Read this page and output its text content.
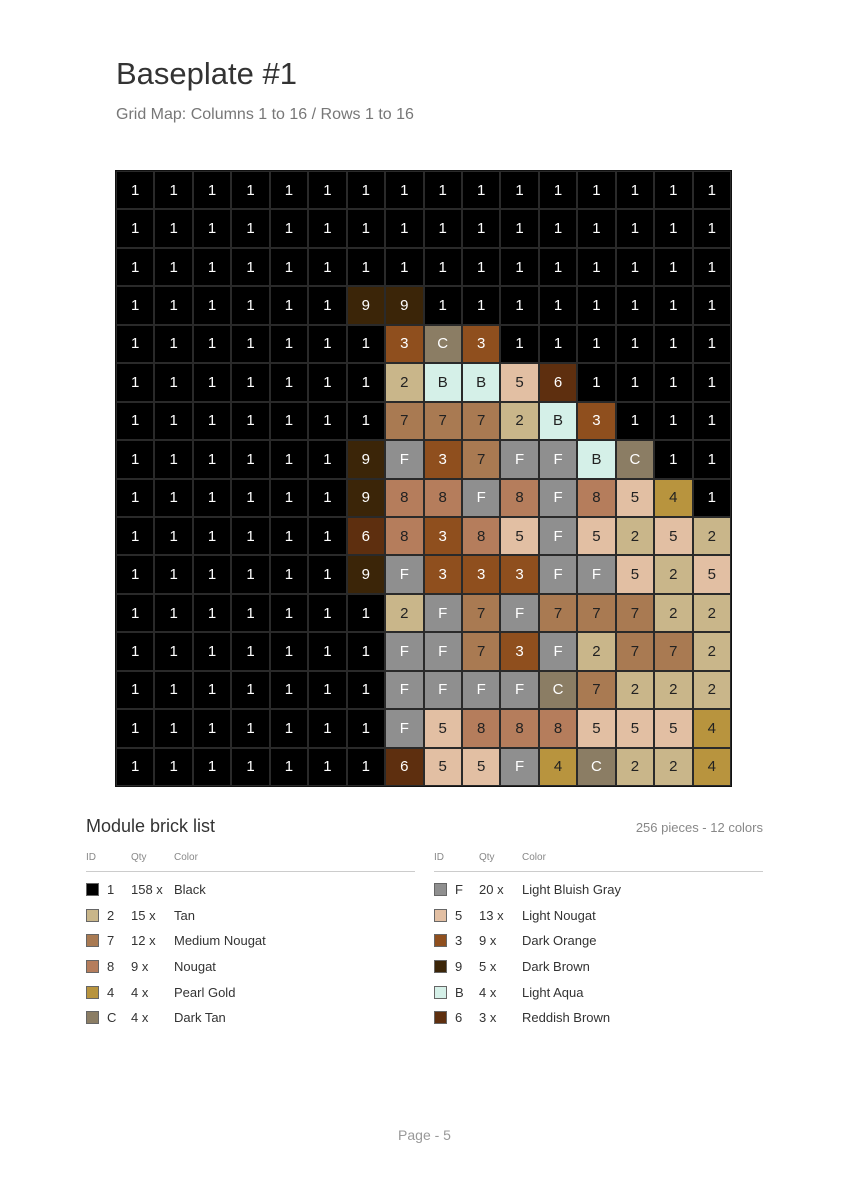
Baseplate #1
Grid Map: Columns 1 to 16 / Rows 1 to 16
1	1	1	1	1	1	1	1	1	1	1	1	1	1	1	1
1	1	1	1	1	1	1	1	1	1	1	1	1	1	1	1
1	1	1	1	1	1	1	1	1	1	1	1	1	1	1	1
1	1	1	1	1	1	9	9	1	1	1	1	1	1	1	1
1	1	1	1	1	1	1	3	C	3	1	1	1	1	1	1
1	1	1	1	1	1	1	2	B	B	5	6	1	1	1	1
1	1	1	1	1	1	1	7	7	7	2	B	3	1	1	1
1	1	1	1	1	1	9	F	3	7	F	F	B	C	1	1
1	1	1	1	1	1	9	8	8	F	8	F	8	5	4	1
1	1	1	1	1	1	6	8	3	8	5	F	5	2	5	2
1	1	1	1	1	1	9	F	3	3	3	F	F	5	2	5
1	1	1	1	1	1	1	2	F	7	F	7	7	7	2	2
1	1	1	1	1	1	1	F	F	7	3	F	2	7	7	2
1	1	1	1	1	1	1	F	F	F	F	C	7	2	2	2
1	1	1	1	1	1	1	F	5	8	8	8	5	5	5	4
1	1	1	1	1	1	1	6	5	5	F	4	C	2	2	4
Module brick list	256 pieces - 12 colors
ID	Qty	Color
1 158 x Black
2 15 x	Tan
7 12 x	Medium Nougat
8 9 x	Nougat
4 4 x	Pearl Gold
C 4 x	Dark Tan
ID	Qty	Color
F 20 x	Light Bluish Gray
5 13 x	Light Nougat
3 9 x	Dark Orange
9 5 x	Dark Brown
B 4 x	Light Aqua
6 3 x	Reddish Brown
Page - 5
